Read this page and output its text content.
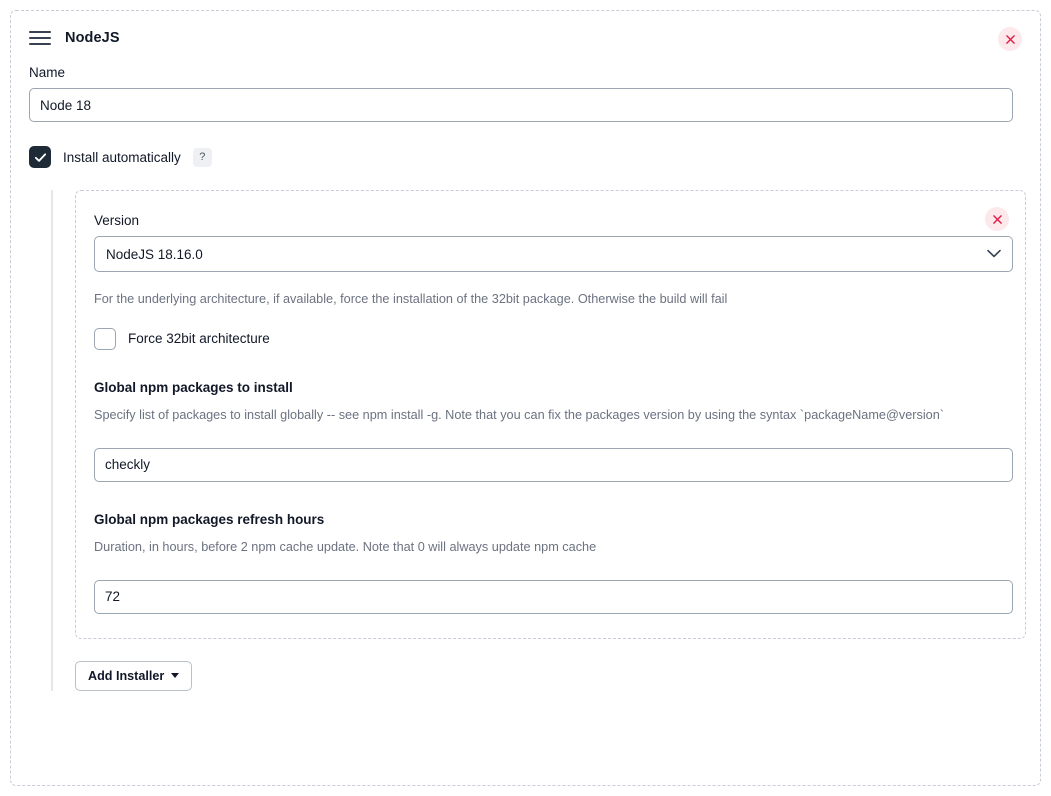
NodeJS
Name
Node 18
Install automatically	?
Version
NodeJS 18.16.0
For the underlying architecture, if available, force the installation of the 32bit package. Otherwise the build will fail
Force 32bit architecture
Global npm packages to install
Specify list of packages to install globally -- see npm install -g. Note that you can fix the packages version by using the syntax `packageName@version`
checkly
Global npm packages refresh hours
Duration, in hours, before 2 npm cache update. Note that 0 will always update npm cache
72
Add Installer
